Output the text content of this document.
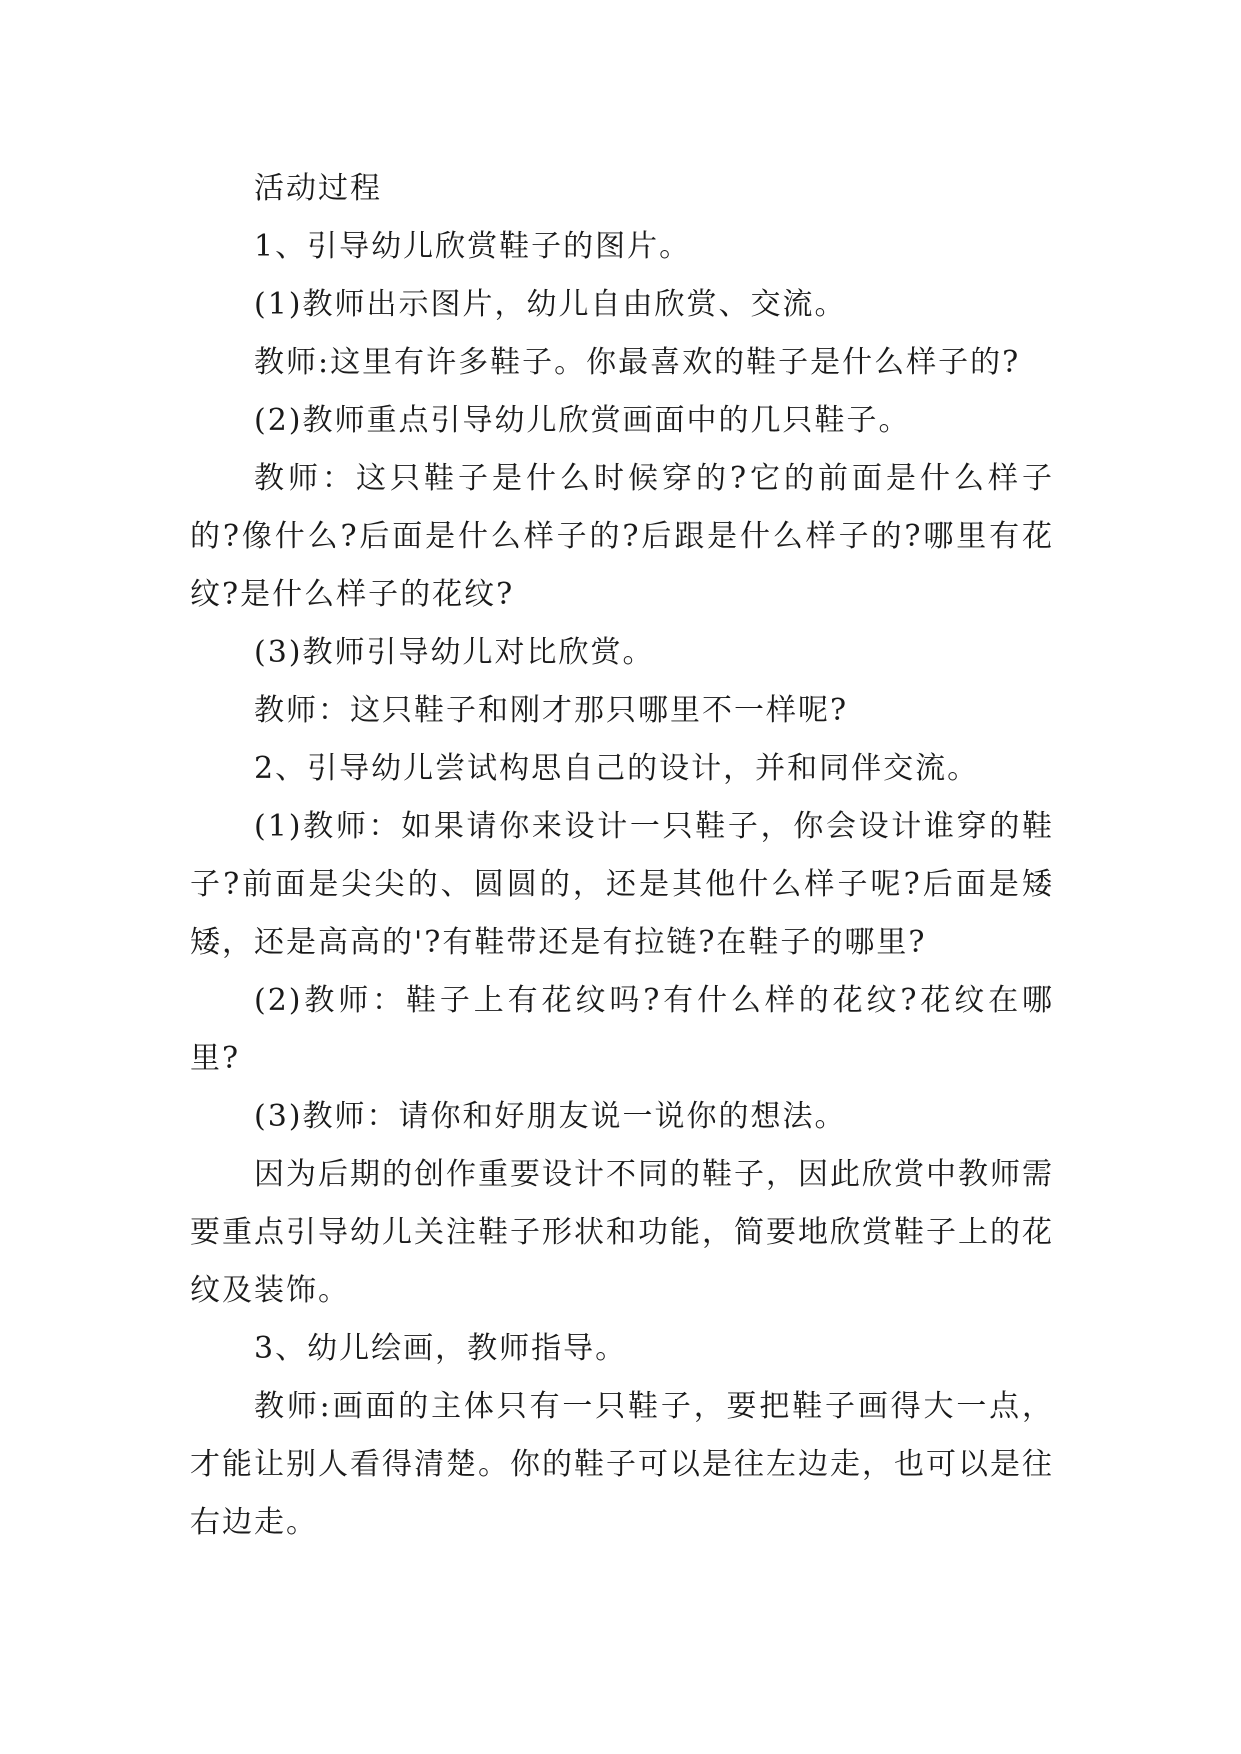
活动过程

1、引导幼儿欣赏鞋子的图片。

(1)教师出示图片，幼儿自由欣赏、交流。

教师:这里有许多鞋子。你最喜欢的鞋子是什么样子的?

(2)教师重点引导幼儿欣赏画面中的几只鞋子。

教师：这只鞋子是什么时候穿的?它的前面是什么样子的?像什么?后面是什么样子的?后跟是什么样子的?哪里有花纹?是什么样子的花纹?

(3)教师引导幼儿对比欣赏。

教师：这只鞋子和刚才那只哪里不一样呢?

2、引导幼儿尝试构思自己的设计，并和同伴交流。

(1)教师：如果请你来设计一只鞋子，你会设计谁穿的鞋子?前面是尖尖的、圆圆的，还是其他什么样子呢?后面是矮矮，还是高高的'?有鞋带还是有拉链?在鞋子的哪里?

(2)教师：鞋子上有花纹吗?有什么样的花纹?花纹在哪里?

(3)教师：请你和好朋友说一说你的想法。

因为后期的创作重要设计不同的鞋子，因此欣赏中教师需要重点引导幼儿关注鞋子形状和功能，简要地欣赏鞋子上的花纹及装饰。

3、幼儿绘画，教师指导。

教师:画面的主体只有一只鞋子，要把鞋子画得大一点，才能让别人看得清楚。你的鞋子可以是往左边走，也可以是往右边走。
